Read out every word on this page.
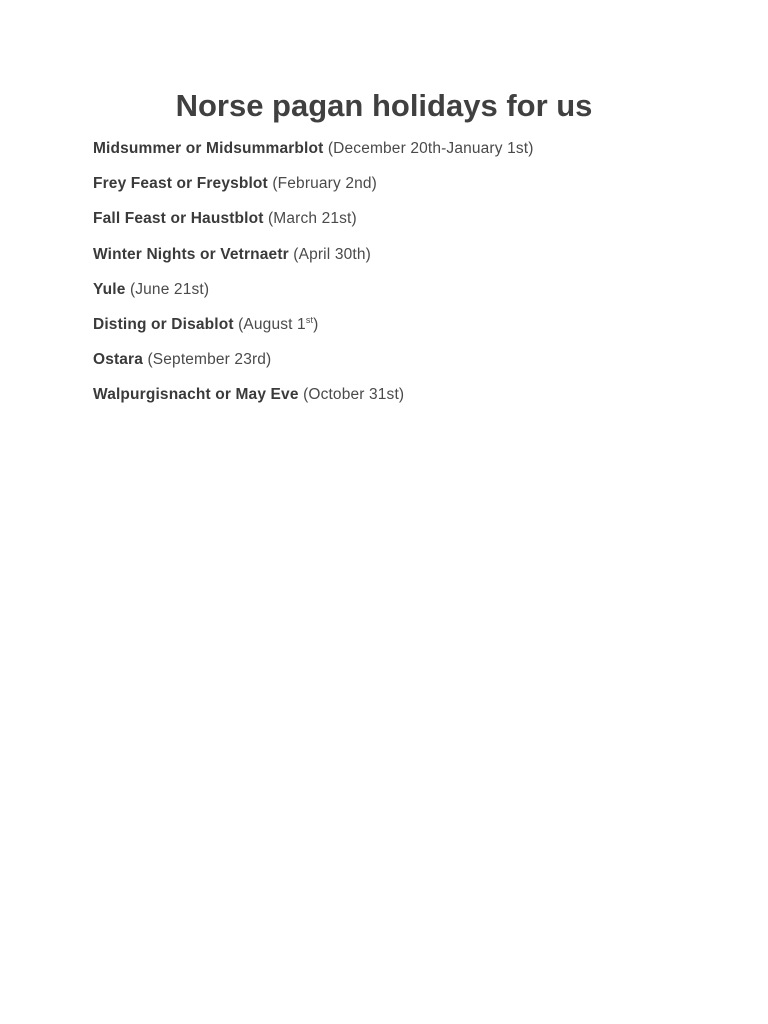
Norse pagan holidays for us
Midsummer or Midsummarblot (December 20th-January 1st)
Frey Feast or Freysblot (February 2nd)
Fall Feast or Haustblot (March 21st)
Winter Nights or Vetrnaetr (April 30th)
Yule (June 21st)
Disting or Disablot (August 1st)
Ostara (September 23rd)
Walpurgisnacht or May Eve (October 31st)
